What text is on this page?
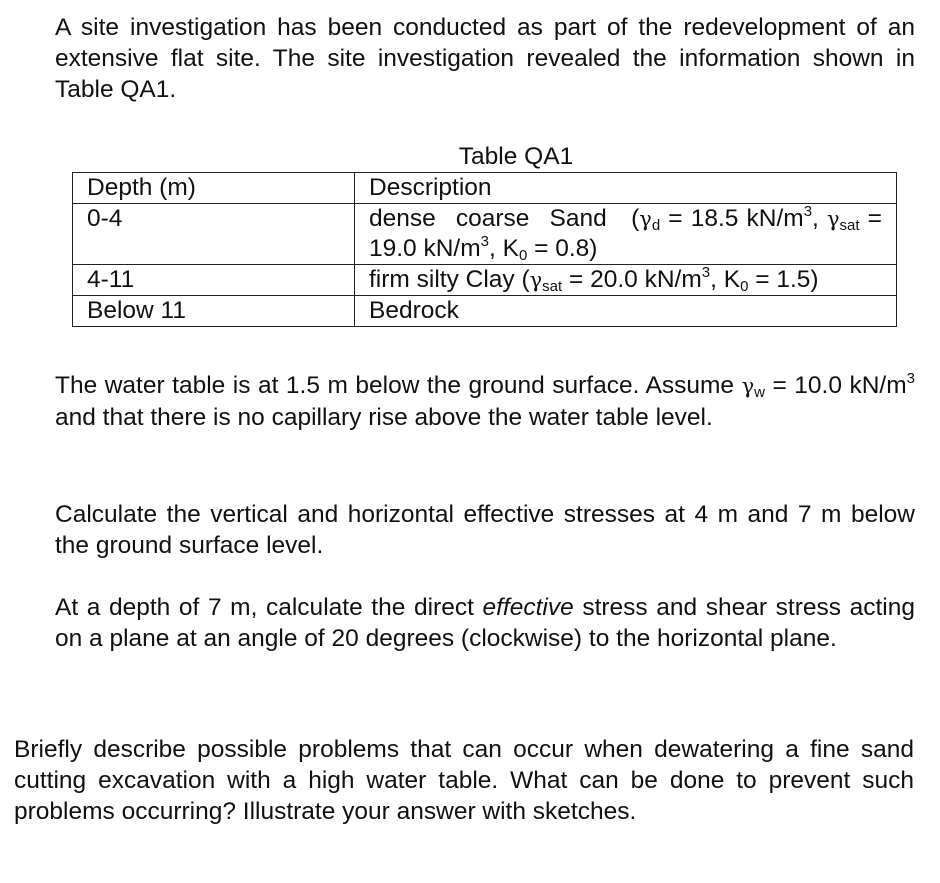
A site investigation has been conducted as part of the redevelopment of an extensive flat site. The site investigation revealed the information shown in Table QA1.

Table QA1
Depth (m)	Description
0-4	dense coarse Sand   ($\gamma_d = 18.5$ $kN/m^3$, $\gamma_{sat} = 19.0$ $kN/m^3$, $K_0 = 0.8$)

4-11	firm silty Clay ($\gamma_{sat} = 20.0$ $kN/m^3$, $K_0 = 1.5$)
Below 11	Bedrock

The water table is at 1.5 m below the ground surface. Assume $\gamma_w = 10.0$ $kN/m^3$ and that there is no capillary rise above the water table level.

Calculate the vertical and horizontal effective stresses at 4 m and 7 m below the ground surface level.

At a depth of 7 m, calculate the direct effective stress and shear stress acting on a plane at an angle of 20 degrees (clockwise) to the horizontal plane.

Briefly describe possible problems that can occur when dewatering a fine sand cutting excavation with a high water table. What can be done to prevent such problems occurring? Illustrate your answer with sketches.
